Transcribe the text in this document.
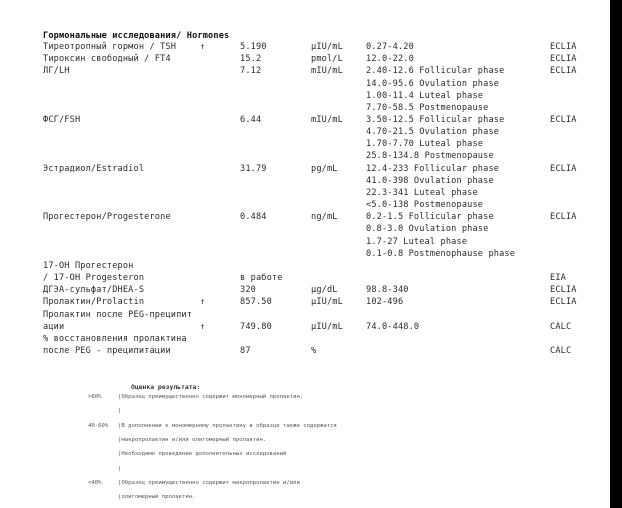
Гормональные исследования/ Hormones
Тиреотропный гормон / TSH	↑	5.190	µIU/mL	0.27-4.20	ECLIA
Тироксин свободный / FT4	15.2	pmol/L	12.0-22.0	ECLIA
ЛГ/LH	7.12	mIU/mL	2.40-12.6 Follicular phase	ECLIA
14.0-95.6 Ovulation phase
1.00-11.4 Luteal phase
7.70-58.5 Postmenopause
ФСГ/FSH	6.44	mIU/mL	3.50-12.5 Follicular phase	ECLIA
4.70-21.5 Ovulation phase
1.70-7.70 Luteal phase
25.8-134.8 Postmenopause
Эстрадиол/Estradiol	31.79	pg/mL	12.4-233 Follicular phase	ECLIA
41.0-398 Ovulation phase
22.3-341 Luteal phase
<5.0-138 Postmenopause
Прогестерон/Progesterone	0.484	ng/mL	0.2-1.5 Follicular phase	ECLIA
0.8-3.0 Ovulation phase
1.7-27 Luteal phase
0.1-0.8 Postmenophause phase
17-ОН Прогестерон
/ 17-OH Progesteron	в работе	EIA
ДГЭА-сульфат/DHEA-S	320	µg/dL	98.8-340	ECLIA
Пролактин/Prolactin	↑	857.50	µIU/mL	102-496	ECLIA
Пролактин после PEG-преципит
ации	↑	749.80	µIU/mL	74.0-448.0	CALC
% восстановления пролактина
после PEG - преципитации	87	%	CALC
Оценка результата:
>60%	|Образец преимущественно содержит мономерный пролактин.
|
40-60% |В дополнении к мономерному пролактину в образце также содержатся
|макропролактин и/или олигомерный пролактин.
|Необходимо проведение дополнительных исследований
|
<40%	|Образец преимущественно содержит макропролактин и/или
|олигомерный пролактин.
